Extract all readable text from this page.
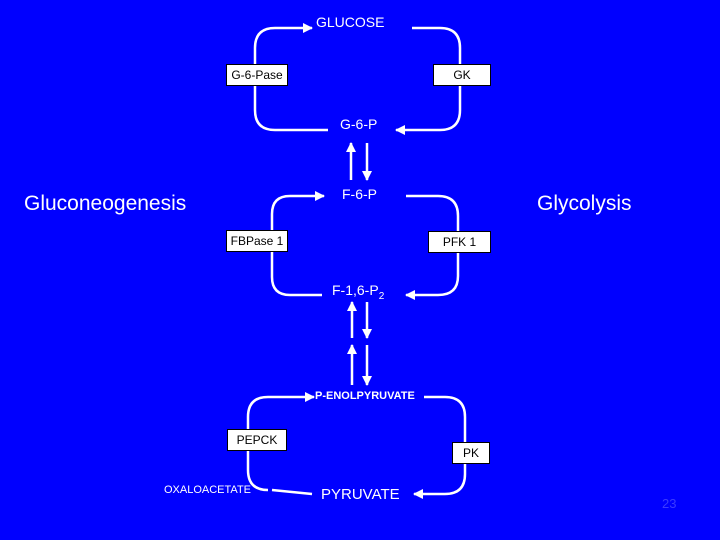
GLUCOSE
G-6-P
F-6-P
$F-1,6-P_2$
P-ENOLPYRUVATE
PYRUVATE
OXALOACETATE
G-6-Pase	GK
FBPase 1	PFK 1
PEPCK
PK
Gluconeogenesis	Glycolysis
23
